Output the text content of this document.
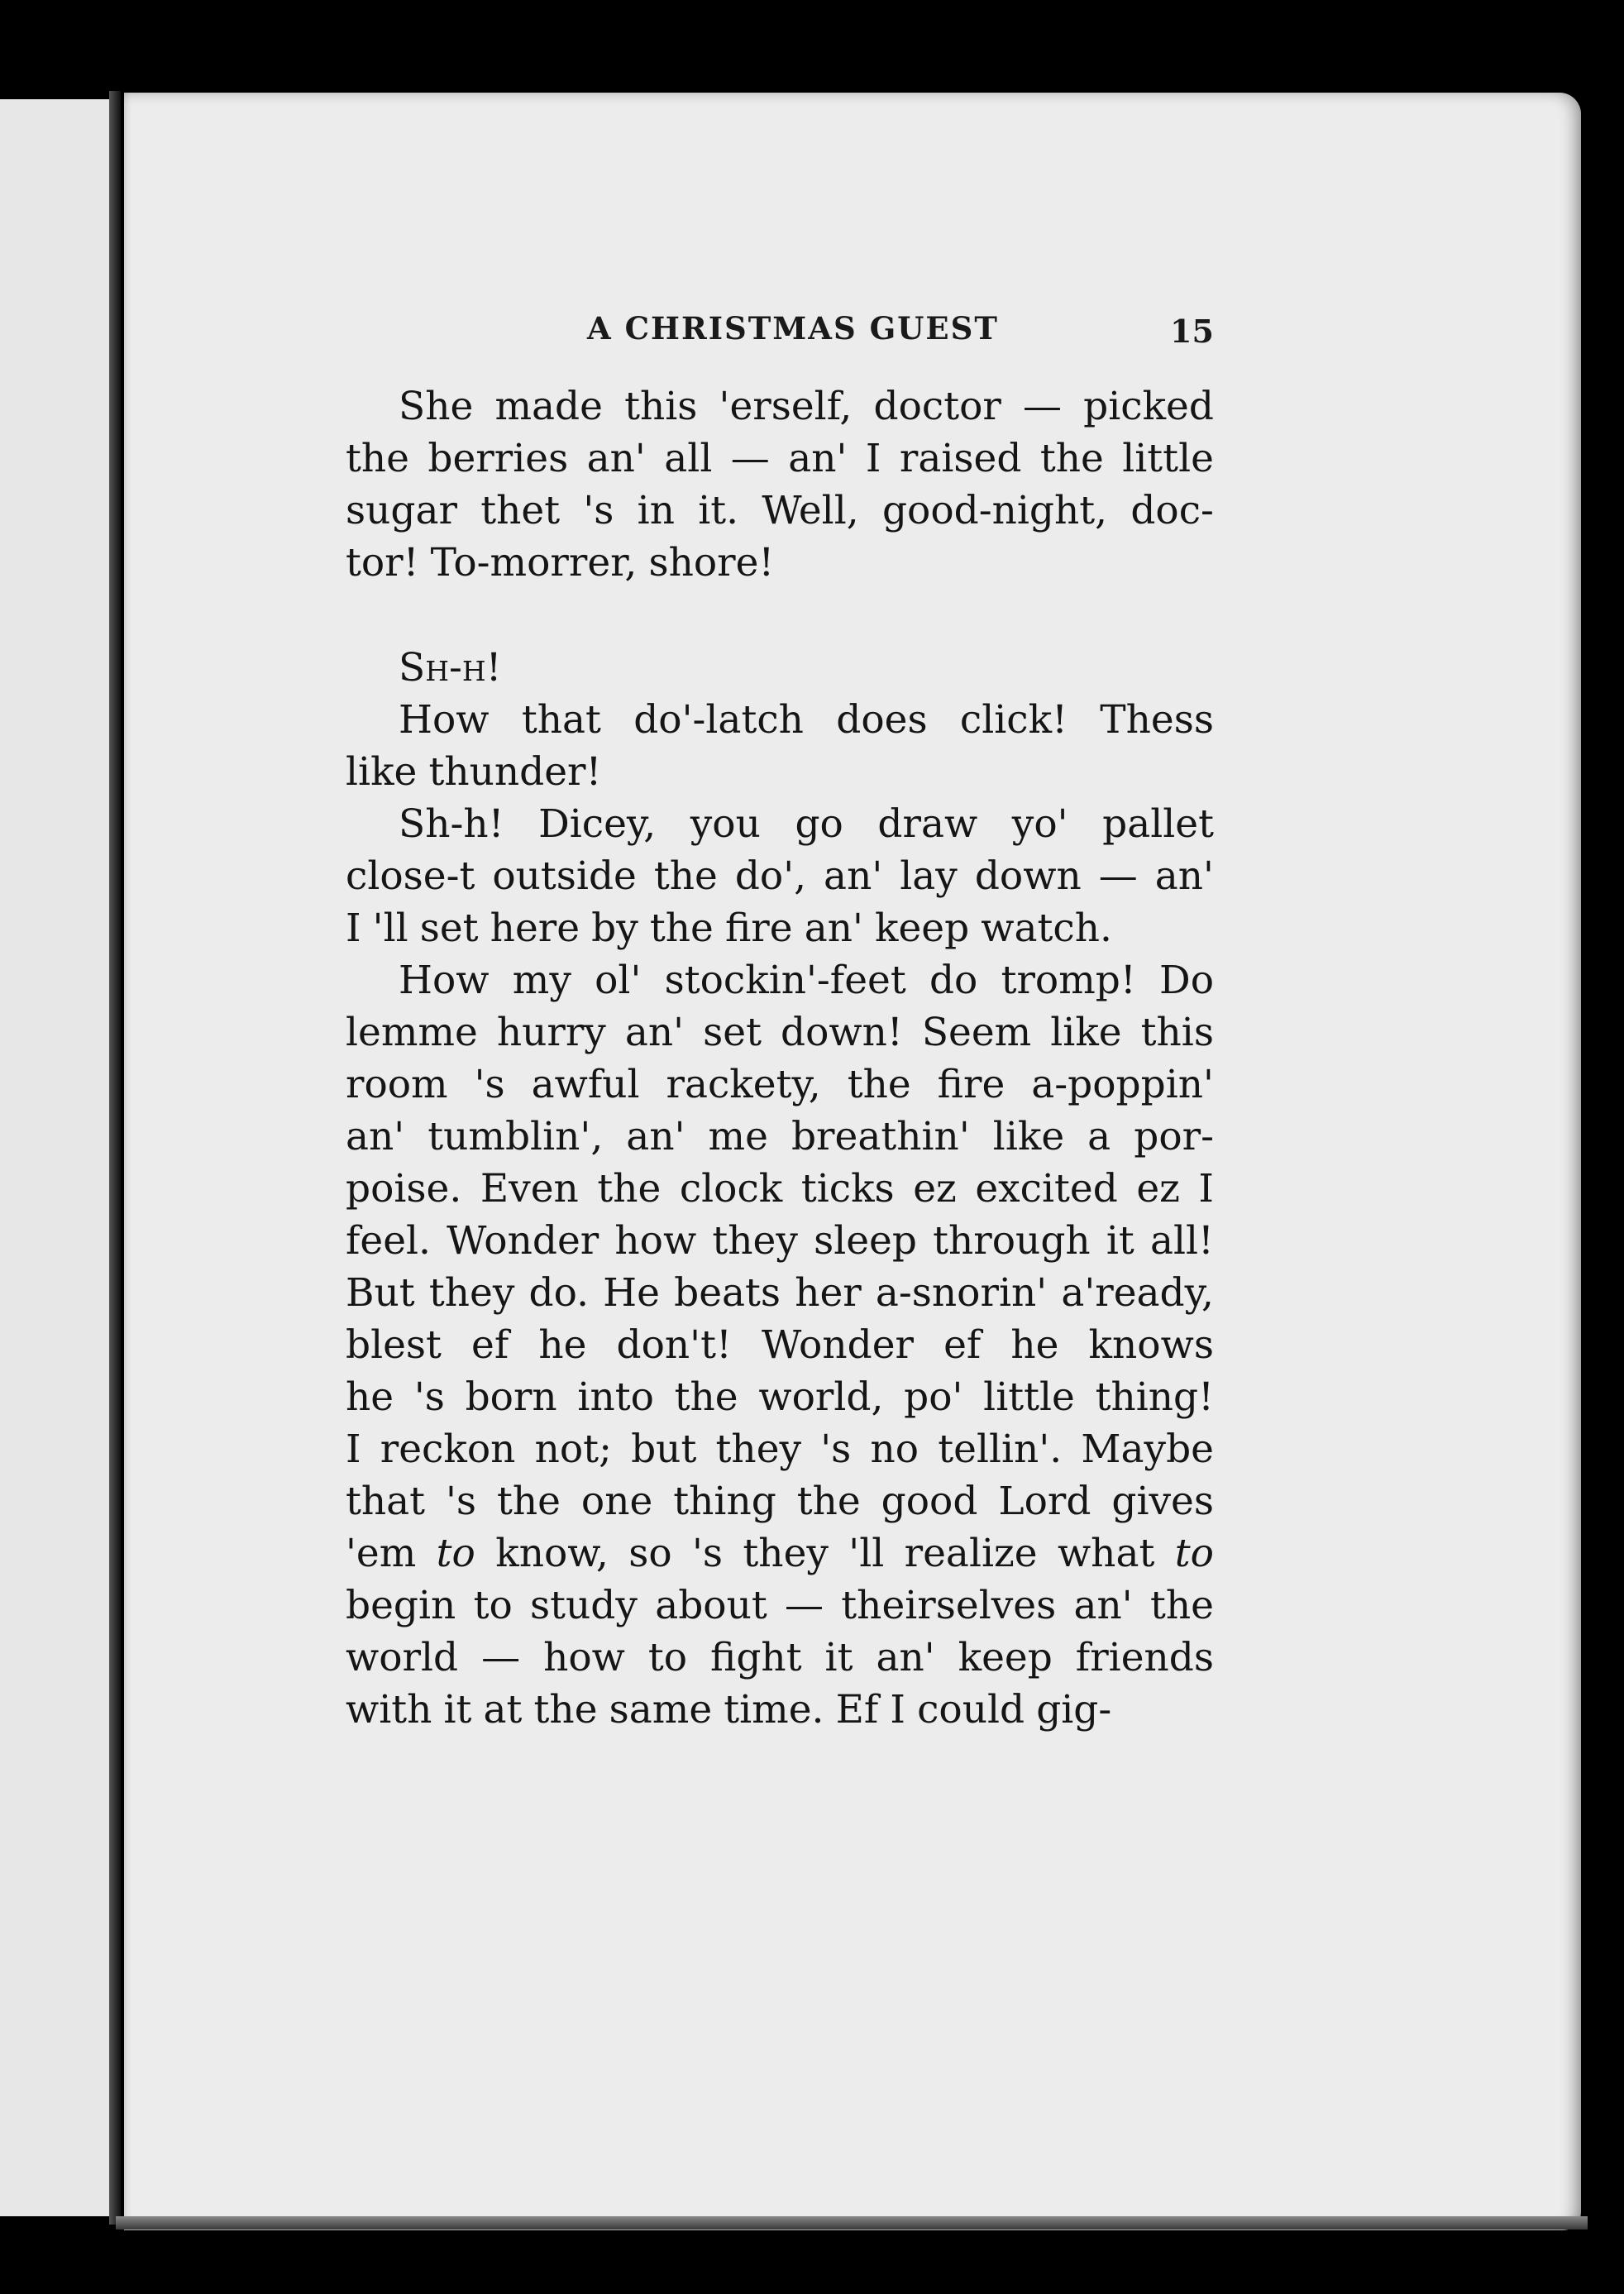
A CHRISTMAS GUEST	15
She made this 'erself, doctor — picked
the berries an' all — an' I raised the little
sugar thet 's in it. Well, good-night, doc-
tor! To-morrer, shore!
Sh-h!
How that do'-latch does click! Thess
like thunder!
Sh-h! Dicey, you go draw yo' pallet
close-t outside the do', an' lay down — an'
I 'll set here by the fire an' keep watch.
How my ol' stockin'-feet do tromp! Do
lemme hurry an' set down! Seem like this
room 's awful rackety, the fire a-poppin'
an' tumblin', an' me breathin' like a por-
poise. Even the clock ticks ez excited ez I
feel. Wonder how they sleep through it all!
But they do. He beats her a-snorin' a'ready,
blest ef he don't! Wonder ef he knows
he 's born into the world, po' little thing!
I reckon not; but they 's no tellin'. Maybe
that 's the one thing the good Lord gives
'em to know, so 's they 'll realize what to
begin to study about — theirselves an' the
world — how to fight it an' keep friends
with it at the same time. Ef I could gig-
